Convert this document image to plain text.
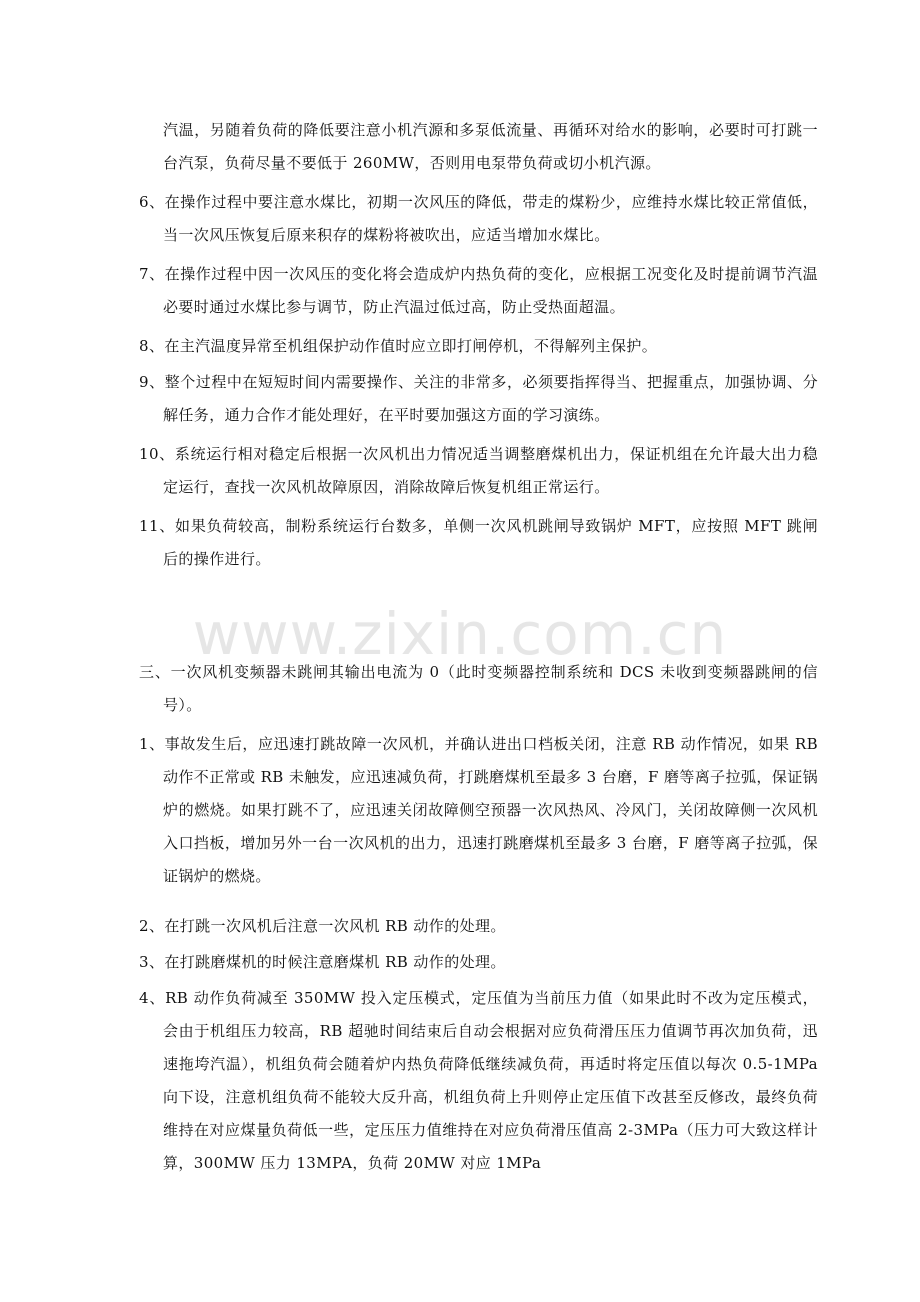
www.zixin.com.cn

汽温，另随着负荷的降低要注意小机汽源和多泵低流量、再循环对给水的影响，必要时可打跳一台汽泵，负荷尽量不要低于 260MW，否则用电泵带负荷或切小机汽源。

6、在操作过程中要注意水煤比，初期一次风压的降低，带走的煤粉少，应维持水煤比较正常值低，当一次风压恢复后原来积存的煤粉将被吹出，应适当增加水煤比。

7、在操作过程中因一次风压的变化将会造成炉内热负荷的变化，应根据工况变化及时提前调节汽温必要时通过水煤比参与调节，防止汽温过低过高，防止受热面超温。

8、在主汽温度异常至机组保护动作值时应立即打闸停机，不得解列主保护。

9、整个过程中在短短时间内需要操作、关注的非常多，必须要指挥得当、把握重点，加强协调、分解任务，通力合作才能处理好，在平时要加强这方面的学习演练。

10、系统运行相对稳定后根据一次风机出力情况适当调整磨煤机出力，保证机组在允许最大出力稳定运行，查找一次风机故障原因，消除故障后恢复机组正常运行。

11、如果负荷较高，制粉系统运行台数多，单侧一次风机跳闸导致锅炉 MFT，应按照 MFT 跳闸后的操作进行。

三、一次风机变频器未跳闸其输出电流为 0（此时变频器控制系统和 DCS 未收到变频器跳闸的信号）。

1、事故发生后，应迅速打跳故障一次风机，并确认进出口档板关闭，注意 RB 动作情况，如果 RB 动作不正常或 RB 未触发，应迅速减负荷，打跳磨煤机至最多 3 台磨，F 磨等离子拉弧，保证锅炉的燃烧。如果打跳不了，应迅速关闭故障侧空预器一次风热风、冷风门，关闭故障侧一次风机入口挡板，增加另外一台一次风机的出力，迅速打跳磨煤机至最多 3 台磨，F 磨等离子拉弧，保证锅炉的燃烧。

2、在打跳一次风机后注意一次风机 RB 动作的处理。

3、在打跳磨煤机的时候注意磨煤机 RB 动作的处理。

4、RB 动作负荷减至 350MW 投入定压模式，定压值为当前压力值（如果此时不改为定压模式，会由于机组压力较高，RB 超驰时间结束后自动会根据对应负荷滑压压力值调节再次加负荷，迅速拖垮汽温），机组负荷会随着炉内热负荷降低继续减负荷，再适时将定压值以每次 0.5-1MPa 向下设，注意机组负荷不能较大反升高，机组负荷上升则停止定压值下改甚至反修改，最终负荷维持在对应煤量负荷低一些，定压压力值维持在对应负荷滑压值高 2-3MPa（压力可大致这样计算，300MW 压力 13MPA，负荷 20MW 对应 1MPa
